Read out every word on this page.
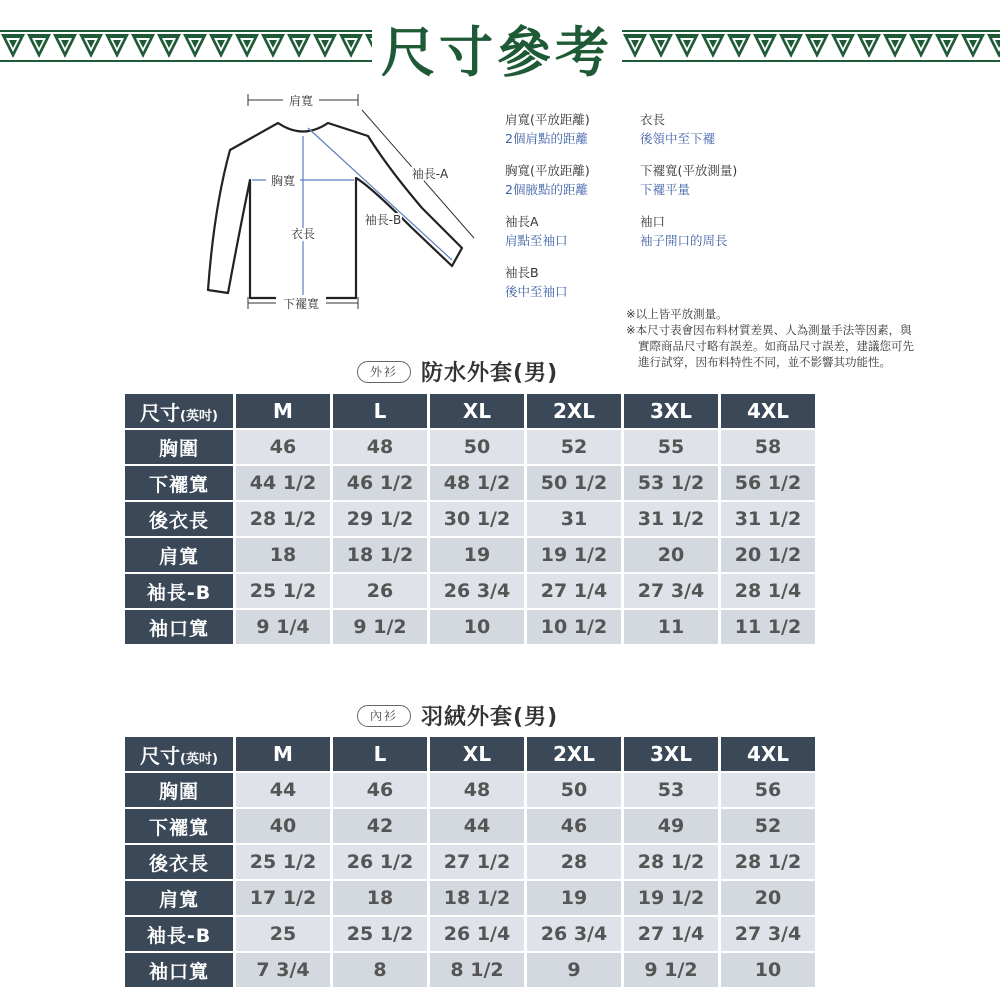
尺寸參考
肩寬
胸寬
衣長
袖長-A
袖長-B
下襬寬
肩寬(平放距離)
2個肩點的距離
衣長
後領中至下襬
胸寬(平放距離)
2個腋點的距離
下襬寬(平放測量)
下襬平量
袖長A
肩點至袖口
袖口
袖子開口的周長
袖長B
後中至袖口
※以上皆平放測量。
※本尺寸表會因布料材質差異、人為測量手法等因素，與
實際商品尺寸略有誤差。如商品尺寸誤差，建議您可先
進行試穿，因布料特性不同，並不影響其功能性。
外衫	防水外套(男)
尺寸(英吋)	M	L	XL	2XL	3XL	4XL
胸圍	46	48	50	52	55	58
下襬寬	44 1/2	46 1/2	48 1/2	50 1/2	53 1/2	56 1/2
後衣長	28 1/2	29 1/2	30 1/2	31	31 1/2	31 1/2
肩寬	18	18 1/2	19	19 1/2	20	20 1/2
袖長-B	25 1/2	26	26 3/4	27 1/4	27 3/4	28 1/4
袖口寬	9 1/4	9 1/2	10	10 1/2	11	11 1/2
內衫	羽絨外套(男)
尺寸(英吋)	M	L	XL	2XL	3XL	4XL
胸圍	44	46	48	50	53	56
下襬寬	40	42	44	46	49	52
後衣長	25 1/2	26 1/2	27 1/2	28	28 1/2	28 1/2
肩寬	17 1/2	18	18 1/2	19	19 1/2	20
袖長-B	25	25 1/2	26 1/4	26 3/4	27 1/4	27 3/4
袖口寬	7 3/4	8	8 1/2	9	9 1/2	10
